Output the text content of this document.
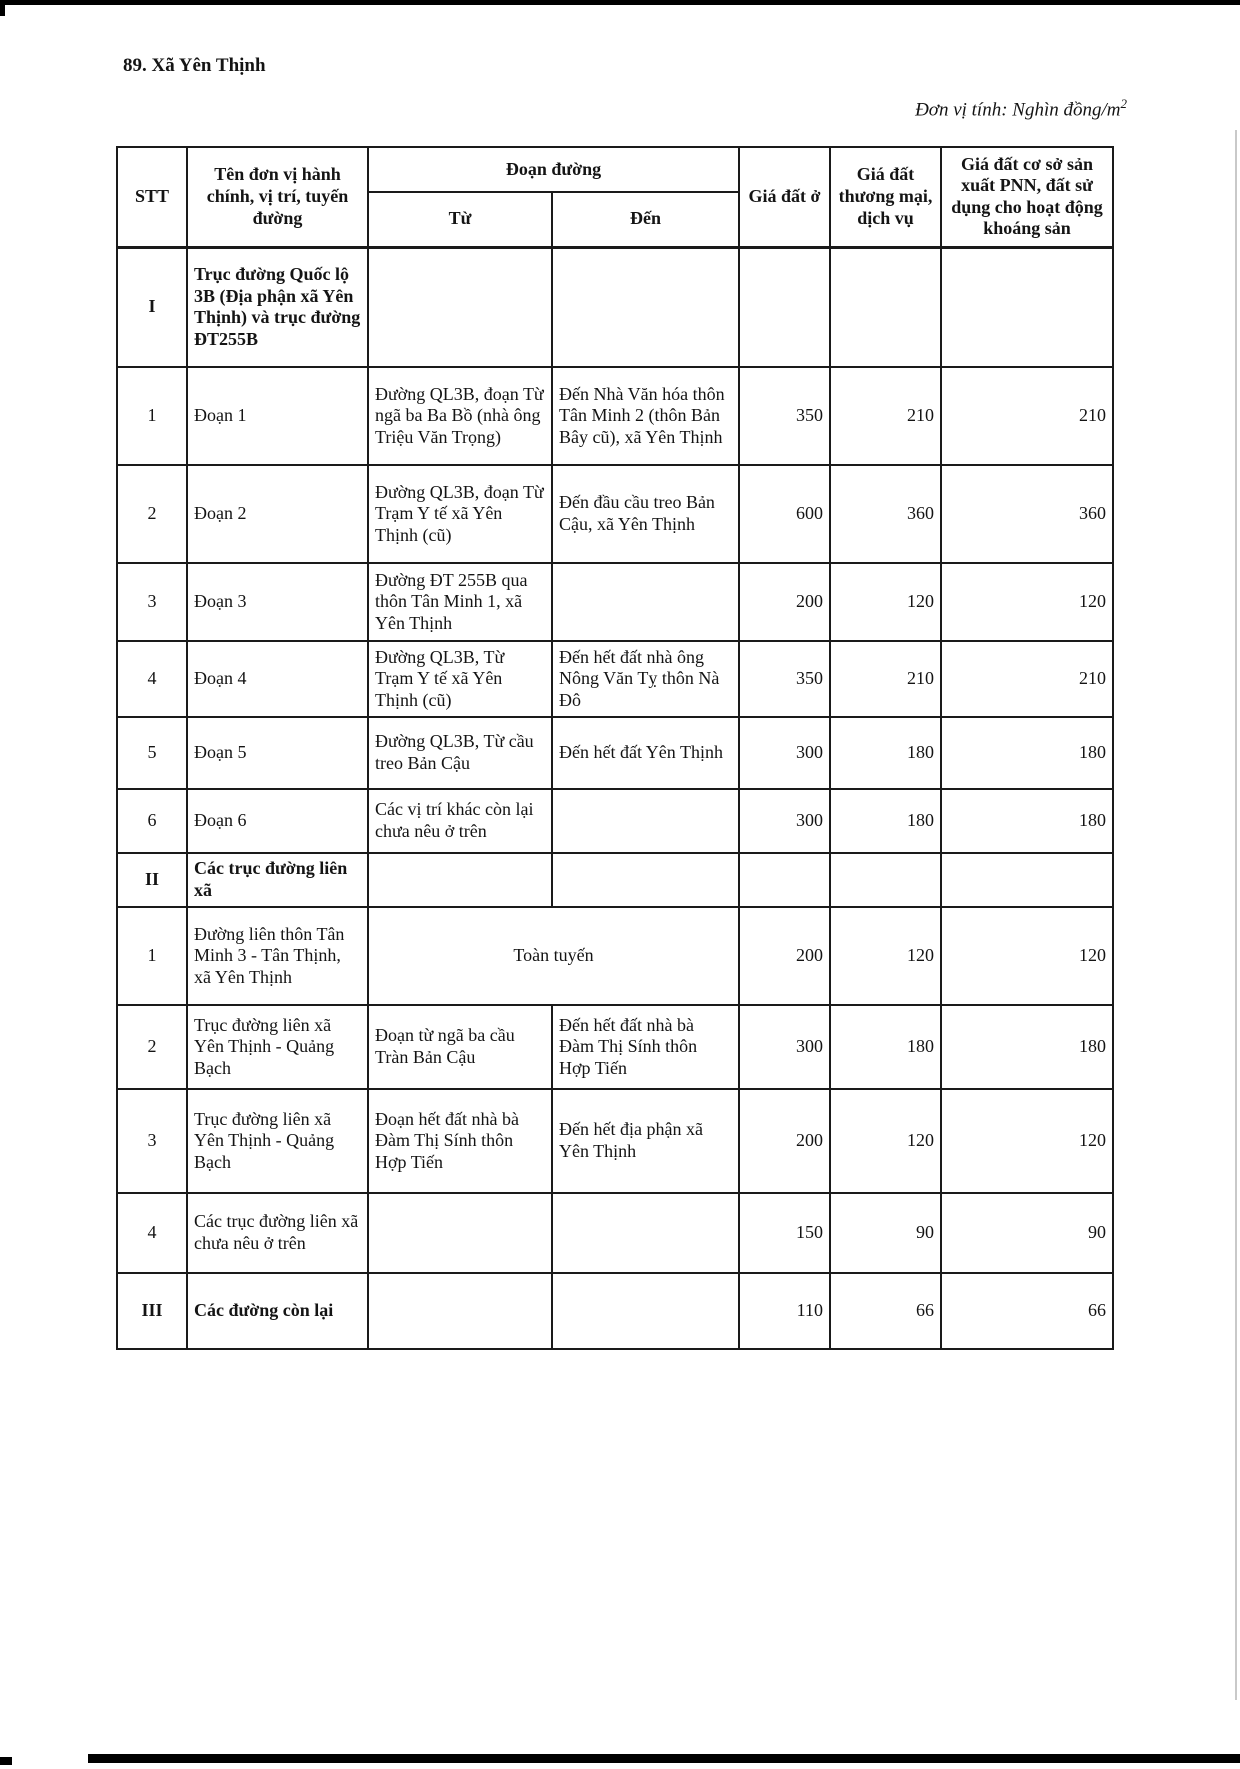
89. Xã Yên Thịnh
Đơn vị tính: Nghìn đồng/$m^2$
STT	Tên đơn vị hành chính, vị trí, tuyến đường	Đoạn đường		Giá đất ở	Giá đất thương mại, dịch vụ	Giá đất cơ sở sản xuất PNN, đất sử dụng cho hoạt động khoáng sản
		Từ	Đến			
I	Trục đường Quốc lộ 3B (Địa phận xã Yên Thịnh) và trục đường ĐT255B					
1	Đoạn 1	Đường QL3B, đoạn Từ ngã ba Ba Bồ (nhà ông Triệu Văn Trọng)	Đến Nhà Văn hóa thôn Tân Minh 2 (thôn Bản Bây cũ), xã Yên Thịnh	350	210	210
2	Đoạn 2	Đường QL3B, đoạn Từ Trạm Y tế xã Yên Thịnh (cũ)	Đến đầu cầu treo Bản Cậu, xã Yên Thịnh	600	360	360
3	Đoạn 3	Đường ĐT 255B qua thôn Tân Minh 1, xã Yên Thịnh		200	120	120
4	Đoạn 4	Đường QL3B, Từ Trạm Y tế xã Yên Thịnh (cũ)	Đến hết đất nhà ông Nông Văn Tỵ thôn Nà Đô	350	210	210
5	Đoạn 5	Đường QL3B, Từ cầu treo Bản Cậu	Đến hết đất Yên Thịnh	300	180	180
6	Đoạn 6	Các vị trí khác còn lại chưa nêu ở trên		300	180	180
II	Các trục đường liên xã					
1	Đường liên thôn Tân Minh 3 - Tân Thịnh, xã Yên Thịnh	Toàn tuyến		200	120	120
2	Trục đường liên xã Yên Thịnh - Quảng Bạch	Đoạn từ ngã ba cầu Tràn Bản Cậu	Đến hết đất nhà bà Đàm Thị Sính thôn Hợp Tiến	300	180	180
3	Trục đường liên xã Yên Thịnh - Quảng Bạch	Đoạn hết đất nhà bà Đàm Thị Sính thôn Hợp Tiến	Đến hết địa phận xã Yên Thịnh	200	120	120
4	Các trục đường liên xã chưa nêu ở trên			150	90	90
III	Các đường còn lại			110	66	66
